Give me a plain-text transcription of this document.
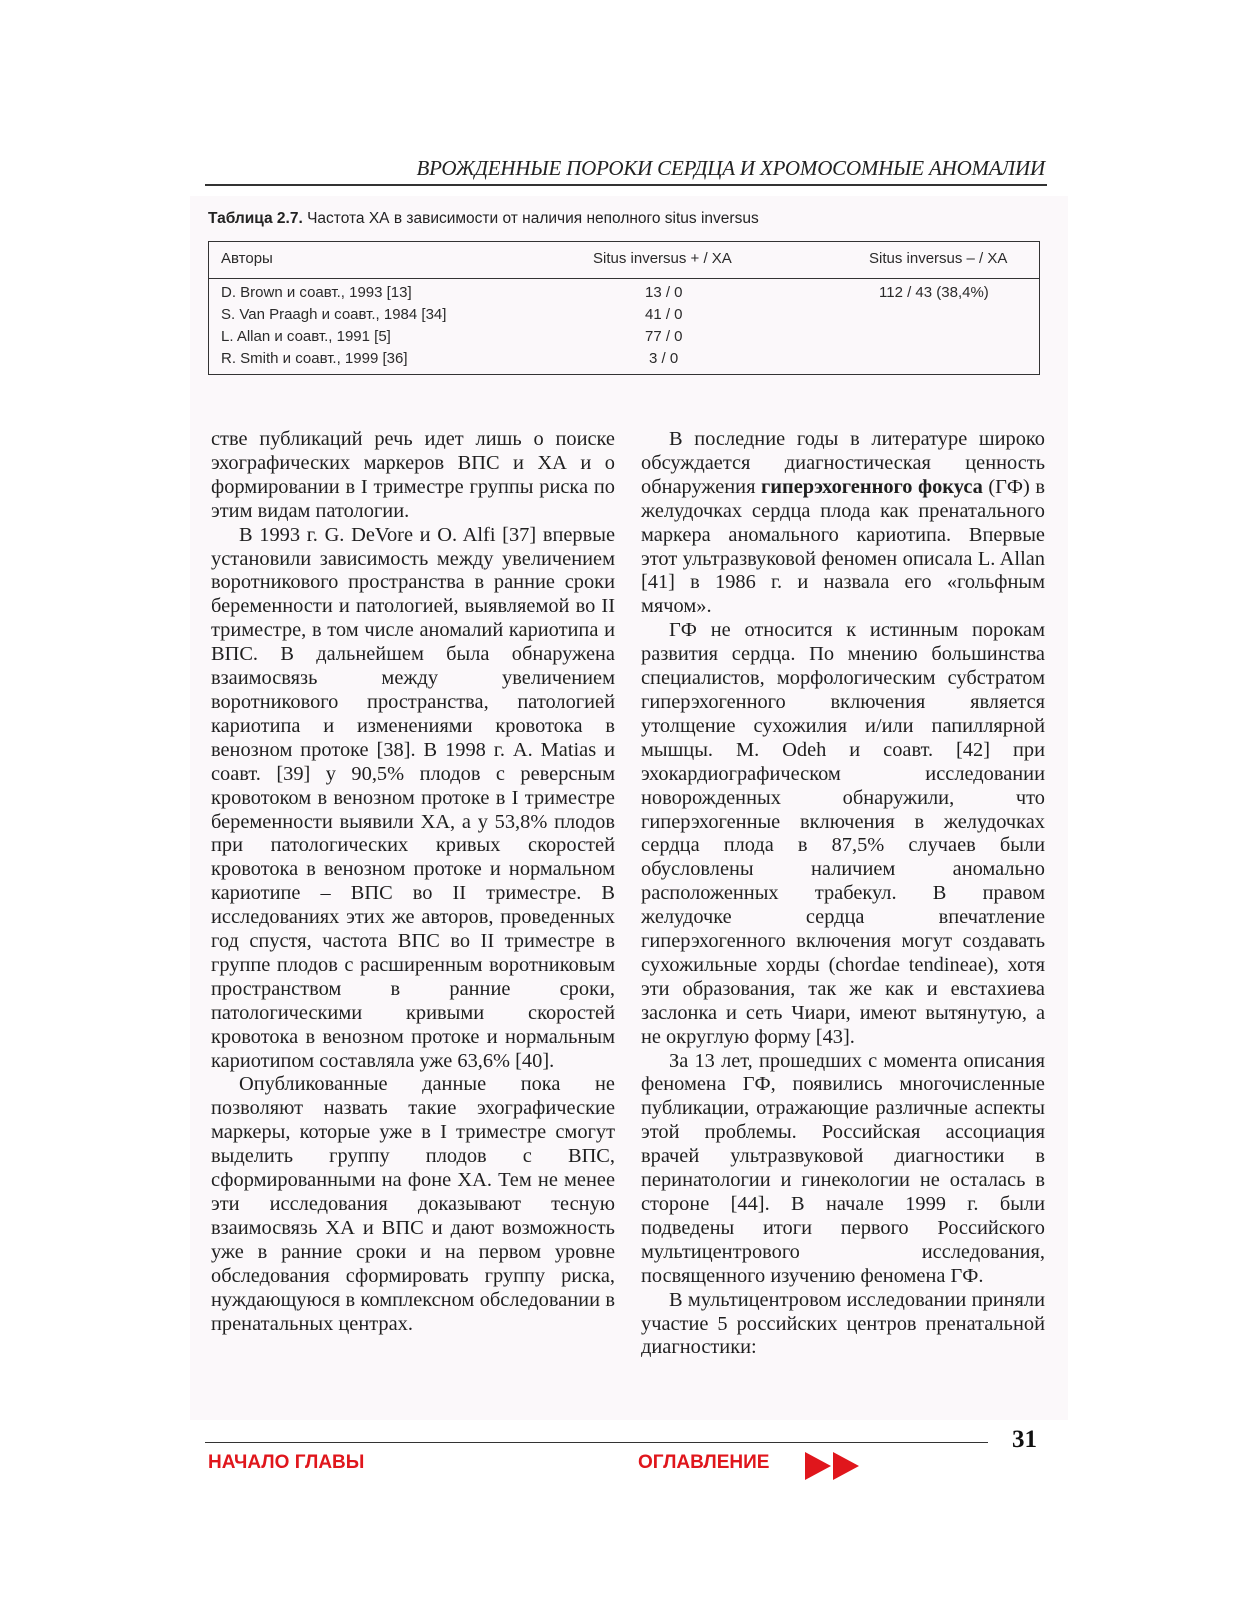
ВРОЖДЕННЫЕ ПОРОКИ СЕРДЦА И ХРОМОСОМНЫЕ АНОМАЛИИ
Таблица 2.7. Частота ХА в зависимости от наличия неполного situs inversus
Авторы	Situs inversus + / ХА	Situs inversus – / ХА
D. Brown и соавт., 1993 [13]	13 / 0	112 / 43 (38,4%)
S. Van Praagh и соавт., 1984 [34]	41 / 0
L. Allan и соавт., 1991 [5]	77 / 0
R. Smith и соавт., 1999 [36]	3 / 0

стве публикаций речь идет лишь о поиске эхографических маркеров ВПС и ХА и о формировании в I триместре группы риска по этим видам патологии.

В 1993 г. G. DeVore и O. Alfi [37] впервые установили зависимость между увеличением воротникового пространства в ранние сроки беременности и патологией, выявляемой во II триместре, в том числе аномалий кариотипа и ВПС. В дальнейшем была обнаружена взаимосвязь между увеличением воротникового пространства, патологией кариотипа и изменениями кровотока в венозном протоке [38]. В 1998 г. A. Matias и соавт. [39] у 90,5% плодов с реверсным кровотоком в венозном протоке в I триместре беременности выявили ХА, а у 53,8% плодов при патологических кривых скоростей кровотока в венозном протоке и нормальном кариотипе – ВПС во II триместре. В исследованиях этих же авторов, проведенных год спустя, частота ВПС во II триместре в группе плодов с расширенным воротниковым пространством в ранние сроки, патологическими кривыми скоростей кровотока в венозном протоке и нормальным кариотипом составляла уже 63,6% [40].

Опубликованные данные пока не позволяют назвать такие эхографические маркеры, которые уже в I триместре смогут выделить группу плодов с ВПС, сформированными на фоне ХА. Тем не менее эти исследования доказывают тесную взаимосвязь ХА и ВПС и дают возможность уже в ранние сроки и на первом уровне обследования сформировать группу риска, нуждающуюся в комплексном обследовании в пренатальных центрах.

В последние годы в литературе широко обсуждается диагностическая ценность обнаружения гиперэхогенного фокуса (ГФ) в желудочках сердца плода как пренатального маркера аномального кариотипа. Впервые этот ультразвуковой феномен описала L. Allan [41] в 1986 г. и назвала его «гольфным мячом».

ГФ не относится к истинным порокам развития сердца. По мнению большинства специалистов, морфологическим субстратом гиперэхогенного включения является утолщение сухожилия и/или папиллярной мышцы. M. Odeh и соавт. [42] при эхокардиографическом исследовании новорожденных обнаружили, что гиперэхогенные включения в желудочках сердца плода в 87,5% случаев были обусловлены наличием аномально расположенных трабекул. В правом желудочке сердца впечатление гиперэхогенного включения могут создавать сухожильные хорды (chordae tendineae), хотя эти образования, так же как и евстахиева заслонка и сеть Чиари, имеют вытянутую, а не округлую форму [43].

За 13 лет, прошедших с момента описания феномена ГФ, появились многочисленные публикации, отражающие различные аспекты этой проблемы. Российская ассоциация врачей ультразвуковой диагностики в перинатологии и гинекологии не осталась в стороне [44]. В начале 1999 г. были подведены итоги первого Российского мультицентрового исследования, посвященного изучению феномена ГФ.

В мультицентровом исследовании приняли участие 5 российских центров пренатальной диагностики:

31
НАЧАЛО ГЛАВЫ	ОГЛАВЛЕНИЕ
